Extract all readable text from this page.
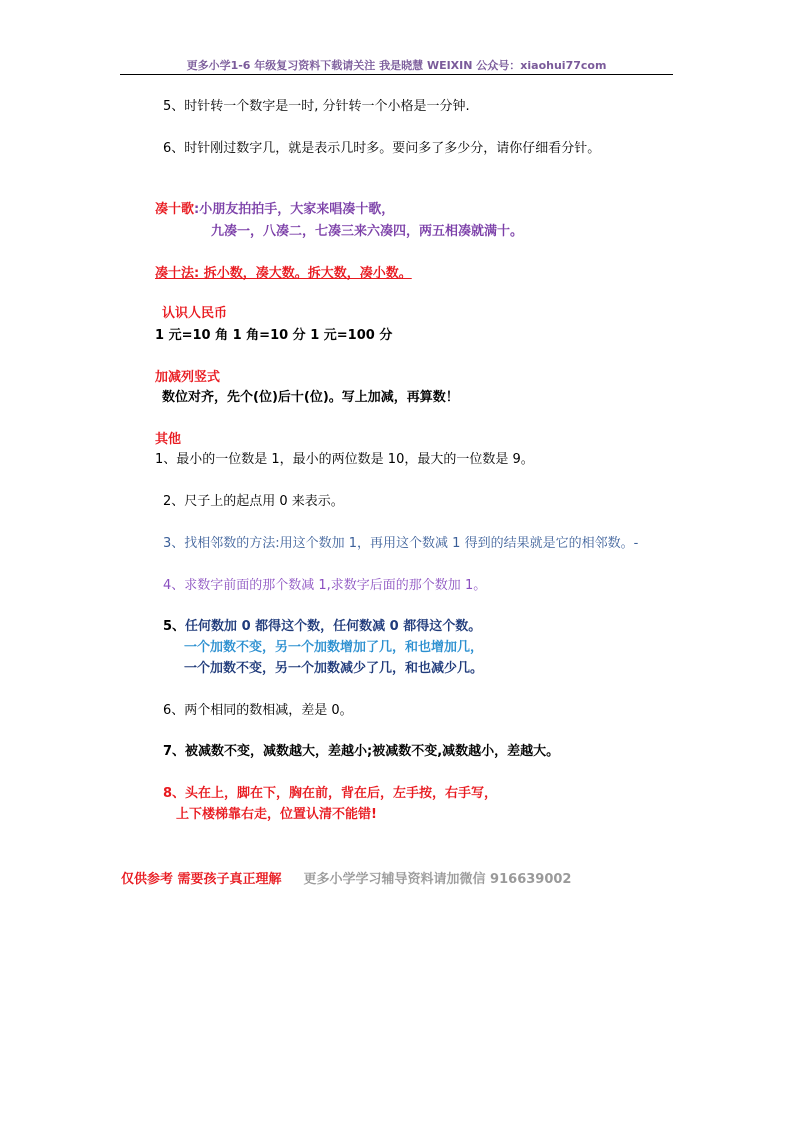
更多小学1-6 年级复习资料下载请关注 我是晓慧 WEIXIN 公众号：xiaohui77com
5、时针转一个数字是一时, 分针转一个小格是一分钟.
6、时针刚过数字几，就是表示几时多。要问多了多少分，请你仔细看分针。
凑十歌:小朋友拍拍手，大家来唱凑十歌，
九凑一，八凑二，七凑三来六凑四，两五相凑就满十。
凑十法: 拆小数，凑大数。拆大数，凑小数。
认识人民币
1 元=10 角 1 角=10 分 1 元=100 分
加减列竖式
数位对齐，先个(位)后十(位)。写上加减，再算数！
其他
1、最小的一位数是 1，最小的两位数是 10，最大的一位数是 9。
2、尺子上的起点用 0 来表示。
3、找相邻数的方法:用这个数加 1，再用这个数减 1 得到的结果就是它的相邻数。-
4、求数字前面的那个数减 1,求数字后面的那个数加 1。
5、任何数加 0 都得这个数，任何数减 0 都得这个数。
一个加数不变，另一个加数增加了几，和也增加几，
一个加数不变，另一个加数减少了几，和也减少几。
6、两个相同的数相减，差是 0。
7、被减数不变，减数越大，差越小;被减数不变,减数越小，差越大。
8、头在上，脚在下，胸在前，背在后，左手按，右手写，
上下楼梯靠右走，位置认清不能错!
仅供参考 需要孩子真正理解 更多小学学习辅导资料请加微信 916639002
